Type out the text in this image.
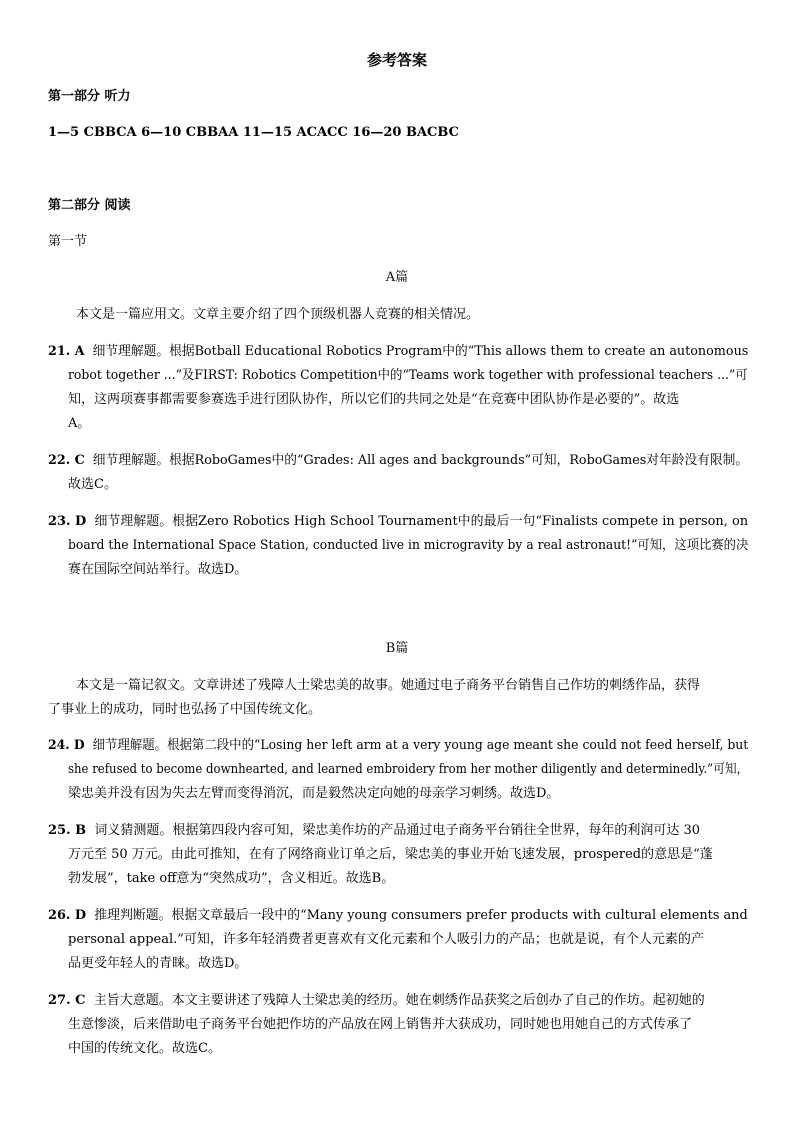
参考答案
第一部分 听力
1—5 CBBCA 6—10 CBBAA 11—15 ACACC 16—20 BACBC
第二部分 阅读
第一节
A篇
本文是一篇应用文。文章主要介绍了四个顶级机器人竞赛的相关情况。
21. A 细节理解题。根据Botball Educational Robotics Program中的“This allows them to create an autonomous
robot together ...”及FIRST: Robotics Competition中的“Teams work together with professional teachers ...”可
知，这两项赛事都需要参赛选手进行团队协作，所以它们的共同之处是“在竞赛中团队协作是必要的”。故选
A。
22. C 细节理解题。根据RoboGames中的“Grades: All ages and backgrounds”可知，RoboGames对年龄没有限制。
故选C。
23. D 细节理解题。根据Zero Robotics High School Tournament中的最后一句“Finalists compete in person, on
board the International Space Station, conducted live in microgravity by a real astronaut!”可知，这项比赛的决
赛在国际空间站举行。故选D。
B篇
本文是一篇记叙文。文章讲述了残障人士梁忠美的故事。她通过电子商务平台销售自己作坊的刺绣作品，获得
了事业上的成功，同时也弘扬了中国传统文化。
24. D 细节理解题。根据第二段中的“Losing her left arm at a very young age meant she could not feed herself, but
she refused to become downhearted, and learned embroidery from her mother diligently and determinedly.”可知，
梁忠美并没有因为失去左臂而变得消沉，而是毅然决定向她的母亲学习刺绣。故选D。
25. B 词义猜测题。根据第四段内容可知，梁忠美作坊的产品通过电子商务平台销往全世界，每年的利润可达 30
万元至 50 万元。由此可推知，在有了网络商业订单之后，梁忠美的事业开始飞速发展，prospered的意思是“蓬
勃发展”，take off意为“突然成功”，含义相近。故选B。
26. D 推理判断题。根据文章最后一段中的“Many young consumers prefer products with cultural elements and
personal appeal.”可知，许多年轻消费者更喜欢有文化元素和个人吸引力的产品；也就是说，有个人元素的产
品更受年轻人的青睐。故选D。
27. C 主旨大意题。本文主要讲述了残障人士梁忠美的经历。她在刺绣作品获奖之后创办了自己的作坊。起初她的
生意惨淡，后来借助电子商务平台她把作坊的产品放在网上销售并大获成功，同时她也用她自己的方式传承了
中国的传统文化。故选C。
